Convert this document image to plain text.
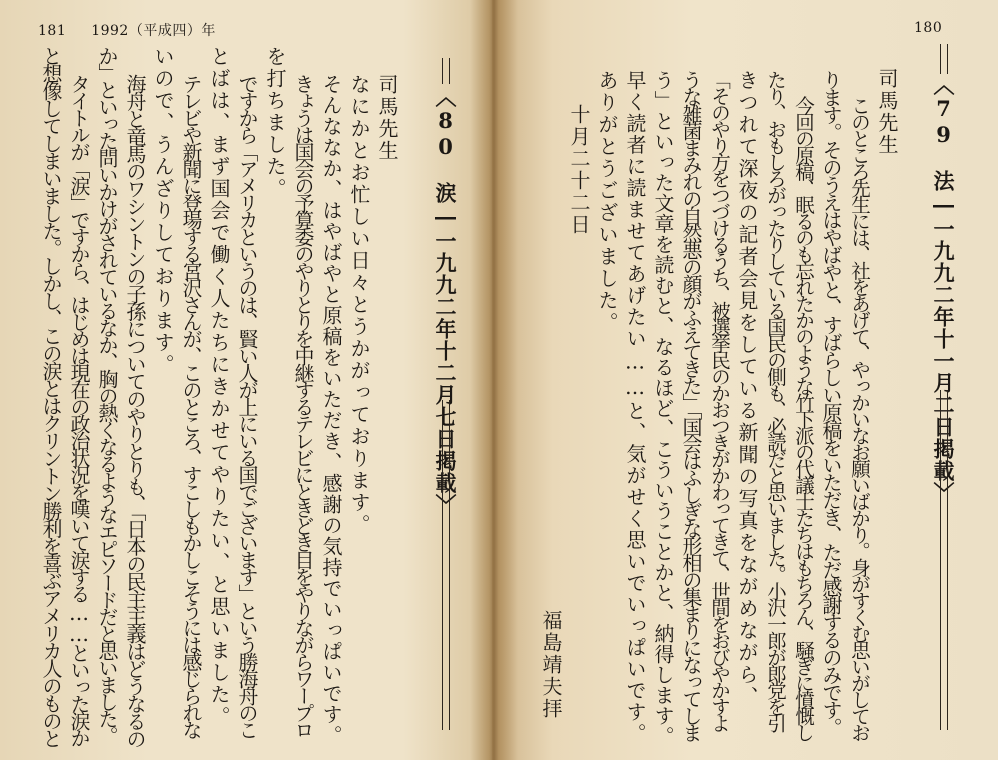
181 1992（平成四）年	180
〈79　法―一九九二年十一月二日掲載〉
司馬先生
このところ先生には、社をあげて、やっかいなお願いばかり。身がすくむ思いがしてお
ります。そのうえはやばやと、すばらしい原稿をいただき、ただ感謝するのみです。
今回の原稿、眠るのも忘れたかのような竹下派の代議士たちはもちろん、騒ぎに憤慨し
たり、おもしろがったりしている国民の側も、必読だと思いました。小沢一郎が郎党を引
きつれて深夜の記者会見をしている新聞の写真をながめながら、
「そのやり方をつづけるうち、被選挙民のかおつきがかわってきて、世間をおびやかすよ
うな雑菌まみれの自然悪の顔がふえてきた」「国会はふしぎな形相の集まりになってしま
う」といった文章を読むと、なるほど、こういうことかと、納得します。
早く読者に読ませてあげたい……と、気がせく思いでいっぱいです。
ありがとうございました。
十月二十二日
福島靖夫拝
〈80　涙―一九九二年十二月七日掲載〉
司馬先生
なにかとお忙しい日々とうかがっております。
そんななか、はやばやと原稿をいただき、感謝の気持でいっぱいです。
きょうは国会の予算委のやりとりを中継するテレビにときどき目をやりながらワープロ
を打ちました。
ですから「アメリカというのは、賢い人が上にいる国でございます」という勝海舟のこ
とばは、まず国会で働く人たちにきかせてやりたい、と思いました。
テレビや新聞に登場する宮沢さんが、このところ、すこしもかしこそうには感じられな
いので、うんざりしております。
海舟と竜馬のワシントンの子孫についてのやりとりも、「日本の民主主義はどうなるの
か」といった問いかけがされているなか、胸の熱くなるようなエピソードだと思いました。
タイトルが「涙」ですから、はじめは現在の政治状況を嘆いて涙する……といった涙か
と想像してしまいました。しかし、この涙とはクリントン勝利を喜ぶアメリカ人のものと
